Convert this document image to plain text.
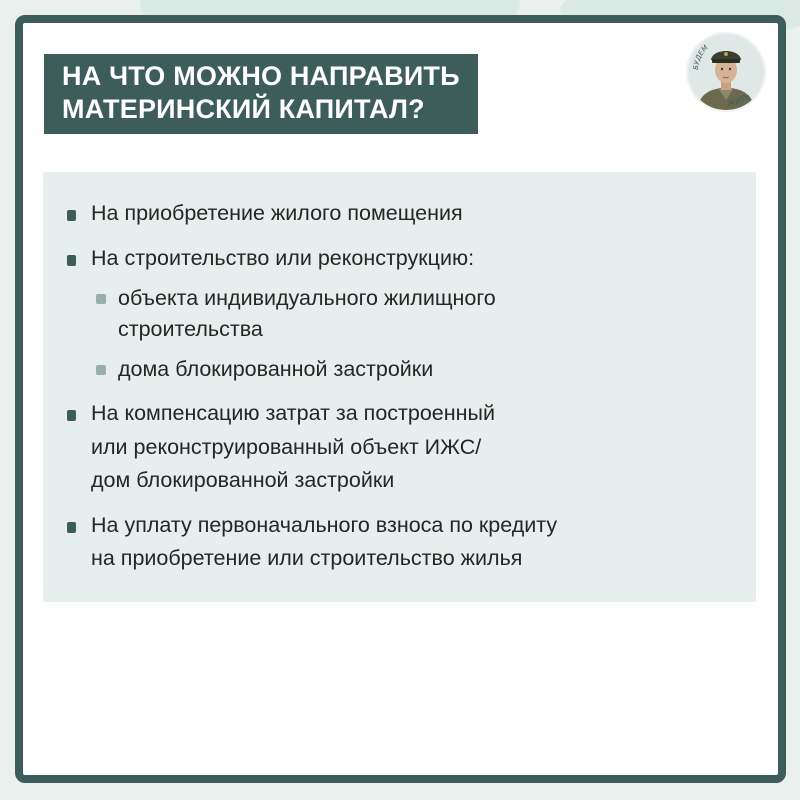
НА ЧТО МОЖНО НАПРАВИТЬ
МАТЕРИНСКИЙ КАПИТАЛ?
БУДЕМ
ЖИТЬ
На приобретение жилого помещения
На строительство или реконструкцию:
объекта индивидуального жилищного
строительства
дома блокированной застройки
На компенсацию затрат за построенный
или реконструированный объект ИЖС/
дом блокированной застройки
На уплату первоначального взноса по кредиту
на приобретение или строительство жилья
